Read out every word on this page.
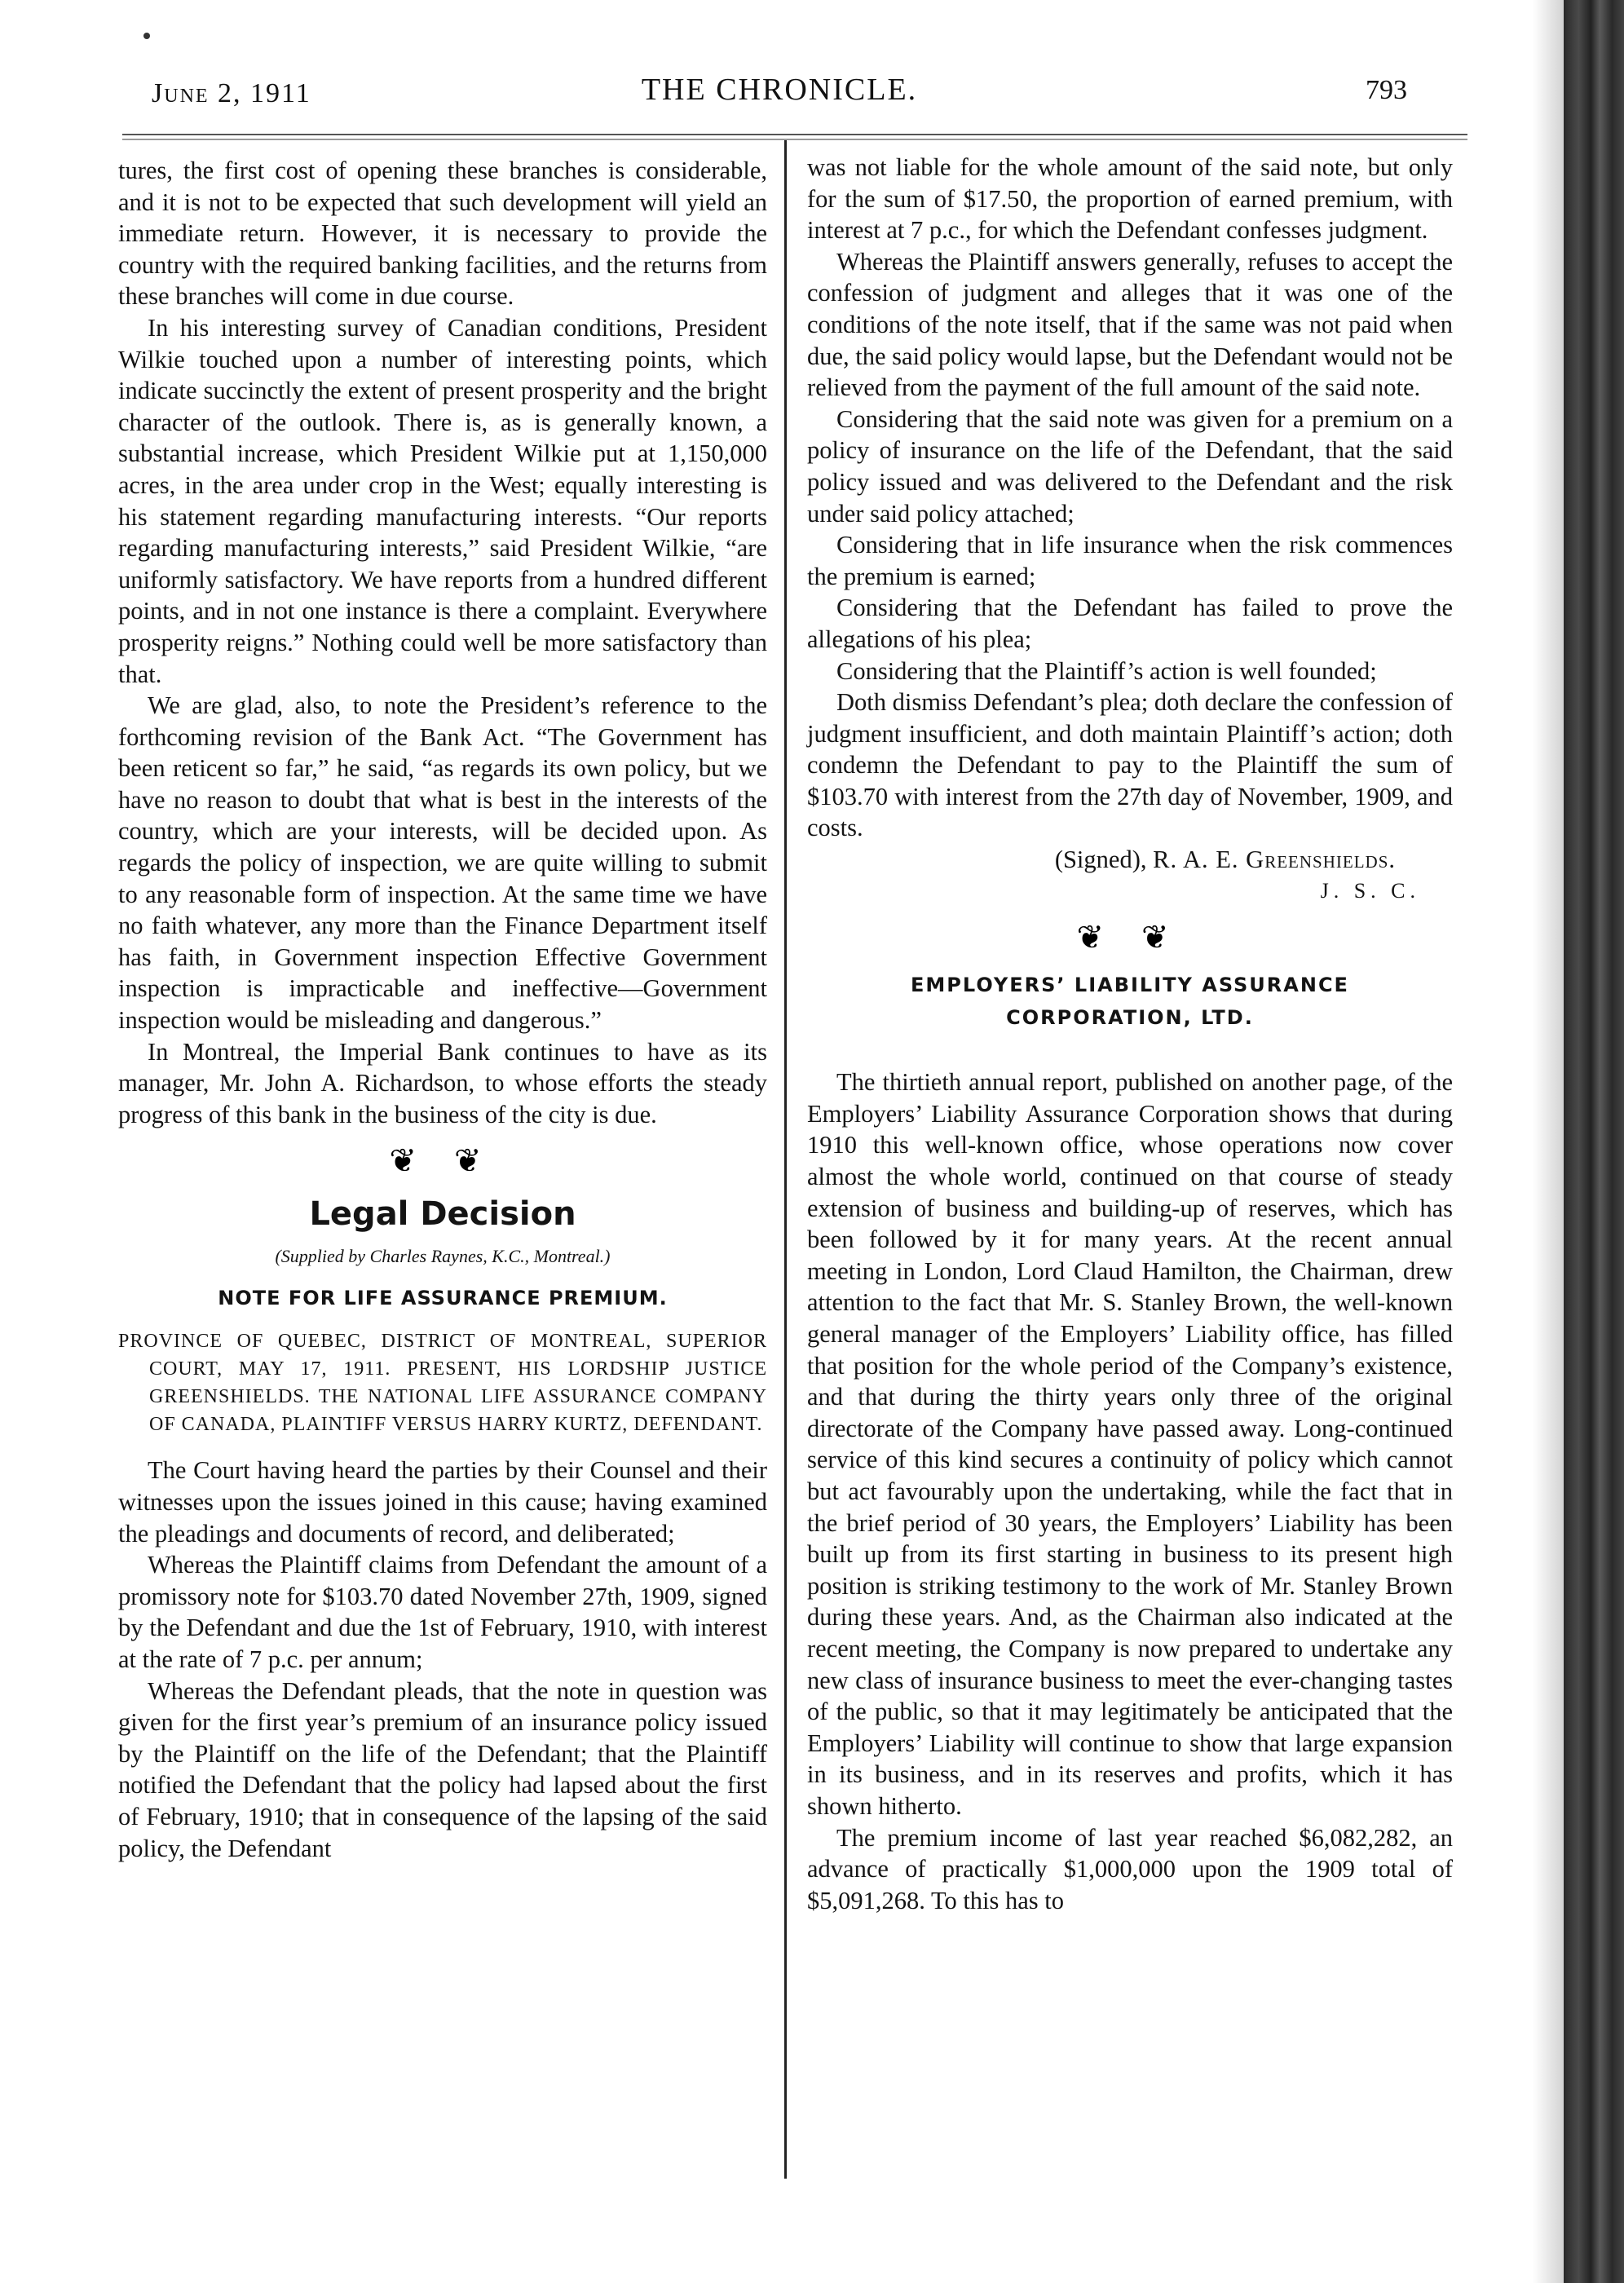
June 2, 1911	THE CHRONICLE.	793

tures, the first cost of opening these branches is considerable, and it is not to be expected that such development will yield an immediate return. However, it is necessary to provide the country with the required banking facilities, and the returns from these branches will come in due course.

In his interesting survey of Canadian conditions, President Wilkie touched upon a number of interesting points, which indicate succinctly the extent of present prosperity and the bright character of the outlook. There is, as is generally known, a substantial increase, which President Wilkie put at 1,150,000 acres, in the area under crop in the West; equally interesting is his statement regarding manufacturing interests. “Our reports regarding manufacturing interests,” said President Wilkie, “are uniformly satisfactory. We have reports from a hundred different points, and in not one instance is there a complaint. Everywhere prosperity reigns.” Nothing could well be more satisfactory than that.

We are glad, also, to note the President’s reference to the forthcoming revision of the Bank Act. “The Government has been reticent so far,” he said, “as regards its own policy, but we have no reason to doubt that what is best in the interests of the country, which are your interests, will be decided upon. As regards the policy of inspection, we are quite willing to submit to any reasonable form of inspection. At the same time we have no faith whatever, any more than the Finance Department itself has faith, in Government inspection Effective Government inspection is impracticable and ineffective—Government inspection would be misleading and dangerous.”

In Montreal, the Imperial Bank continues to have as its manager, Mr. John A. Richardson, to whose efforts the steady progress of this bank in the business of the city is due.

❦ ❦
Legal Decision
(Supplied by Charles Raynes, K.C., Montreal.)
NOTE FOR LIFE ASSURANCE PREMIUM.
PROVINCE OF QUEBEC, DISTRICT OF MONTREAL, SUPERIOR COURT, MAY 17, 1911. PRESENT, HIS LORDSHIP JUSTICE GREENSHIELDS. THE NATIONAL LIFE ASSURANCE COMPANY OF CANADA, PLAINTIFF VERSUS HARRY KURTZ, DEFENDANT.

The Court having heard the parties by their Counsel and their witnesses upon the issues joined in this cause; having examined the pleadings and documents of record, and deliberated;

Whereas the Plaintiff claims from Defendant the amount of a promissory note for $103.70 dated November 27th, 1909, signed by the Defendant and due the 1st of February, 1910, with interest at the rate of 7 p.c. per annum;

Whereas the Defendant pleads, that the note in question was given for the first year’s premium of an insurance policy issued by the Plaintiff on the life of the Defendant; that the Plaintiff notified the Defendant that the policy had lapsed about the first of February, 1910; that in consequence of the lapsing of the said policy, the Defendant

was not liable for the whole amount of the said note, but only for the sum of $17.50, the proportion of earned premium, with interest at 7 p.c., for which the Defendant confesses judgment.

Whereas the Plaintiff answers generally, refuses to accept the confession of judgment and alleges that it was one of the conditions of the note itself, that if the same was not paid when due, the said policy would lapse, but the Defendant would not be relieved from the payment of the full amount of the said note.

Considering that the said note was given for a premium on a policy of insurance on the life of the Defendant, that the said policy issued and was delivered to the Defendant and the risk under said policy attached;

Considering that in life insurance when the risk commences the premium is earned;

Considering that the Defendant has failed to prove the allegations of his plea;

Considering that the Plaintiff’s action is well founded;

Doth dismiss Defendant’s plea; doth declare the confession of judgment insufficient, and doth maintain Plaintiff’s action; doth condemn the Defendant to pay to the Plaintiff the sum of $103.70 with interest from the 27th day of November, 1909, and costs.

(Signed), R. A. E. Greenshields.
J. S. C.
❦ ❦
EMPLOYERS’ LIABILITY ASSURANCE
CORPORATION, LTD.

The thirtieth annual report, published on another page, of the Employers’ Liability Assurance Corporation shows that during 1910 this well-known office, whose operations now cover almost the whole world, continued on that course of steady extension of business and building-up of reserves, which has been followed by it for many years. At the recent annual meeting in London, Lord Claud Hamilton, the Chairman, drew attention to the fact that Mr. S. Stanley Brown, the well-known general manager of the Employers’ Liability office, has filled that position for the whole period of the Company’s existence, and that during the thirty years only three of the original directorate of the Company have passed away. Long-continued service of this kind secures a continuity of policy which cannot but act favourably upon the undertaking, while the fact that in the brief period of 30 years, the Employers’ Liability has been built up from its first starting in business to its present high position is striking testimony to the work of Mr. Stanley Brown during these years. And, as the Chairman also indicated at the recent meeting, the Company is now prepared to undertake any new class of insurance business to meet the ever-changing tastes of the public, so that it may legitimately be anticipated that the Employers’ Liability will continue to show that large expansion in its business, and in its reserves and profits, which it has shown hitherto.

The premium income of last year reached $6,082,282, an advance of practically $1,000,000 upon the 1909 total of $5,091,268. To this has to
